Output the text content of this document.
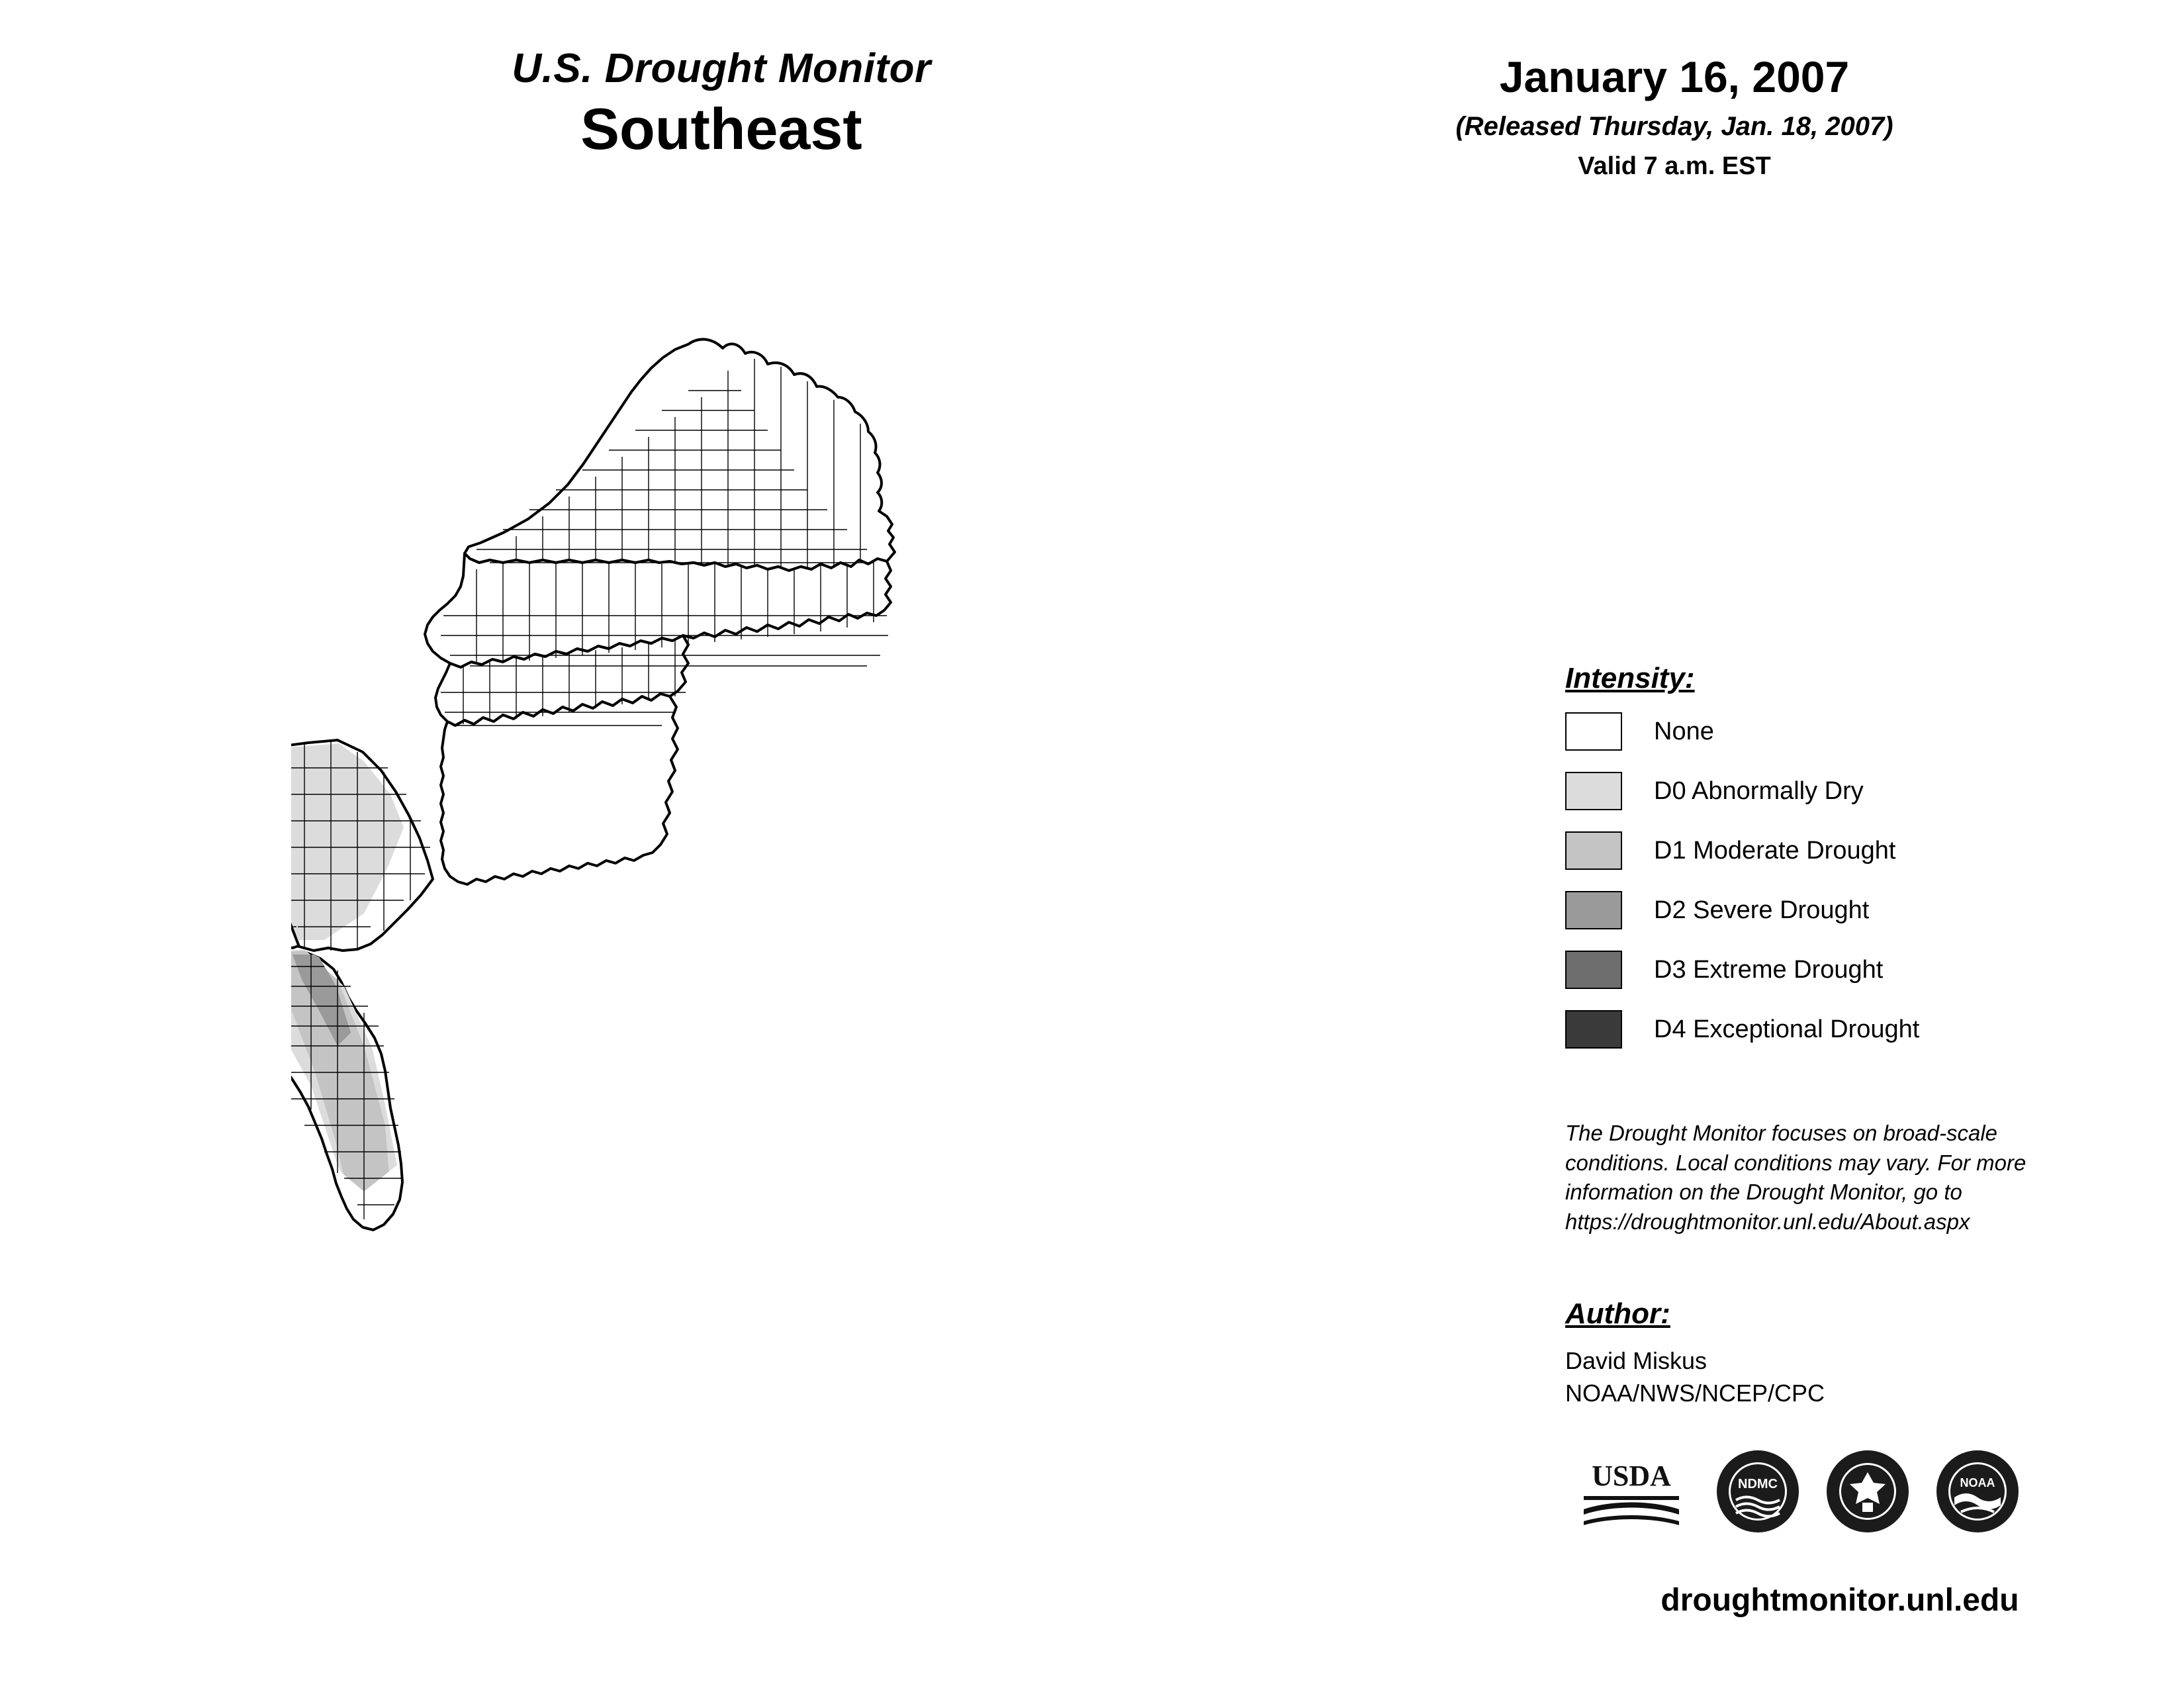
U.S. Drought Monitor
Southeast
January 16, 2007
(Released Thursday, Jan. 18, 2007)
Valid 7 a.m. EST
Intensity:
None
D0 Abnormally Dry
D1 Moderate Drought
D2 Severe Drought
D3 Extreme Drought
D4 Exceptional Drought
The Drought Monitor focuses on broad-scale conditions. Local conditions may vary. For more information on the Drought Monitor, go to https://droughtmonitor.unl.edu/About.aspx
Author:
David Miskus
NOAA/NWS/NCEP/CPC
USDA	NDMC	NOAA
droughtmonitor.unl.edu
